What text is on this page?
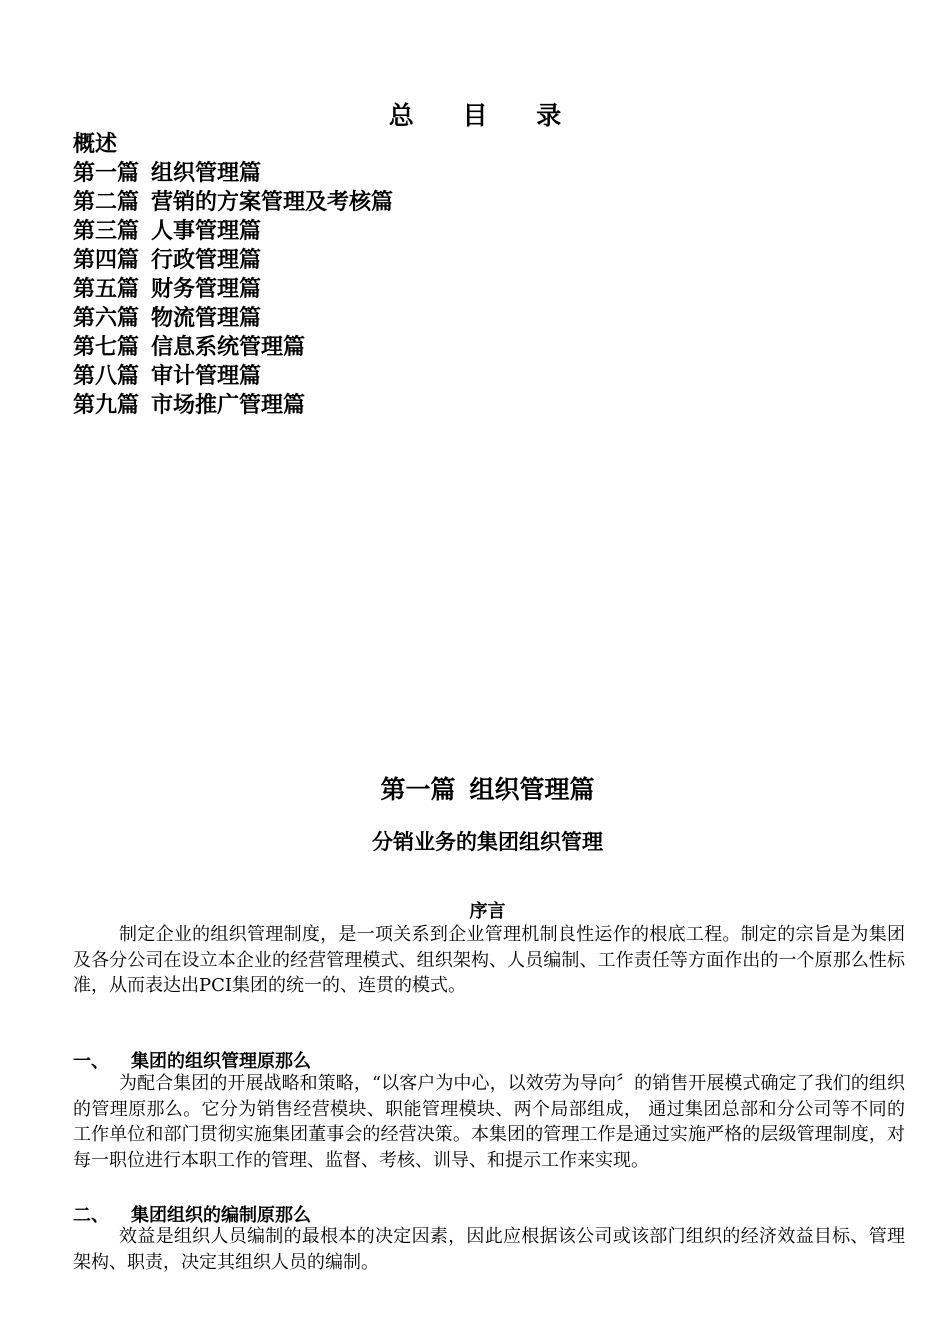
总 目 录
概述
第一篇 组织管理篇
第二篇 营销的方案管理及考核篇
第三篇 人事管理篇
第四篇 行政管理篇
第五篇 财务管理篇
第六篇 物流管理篇
第七篇 信息系统管理篇
第八篇 审计管理篇
第九篇 市场推广管理篇
第一篇 组织管理篇
分销业务的集团组织管理
序言
制定企业的组织管理制度，是一项关系到企业管理机制良性运作的根底工程。制定的宗旨是为集团及各分公司在设立本企业的经营管理模式、组织架构、人员编制、工作责任等方面作出的一个原那么性标准，从而表达出PCI集团的统一的、连贯的模式。
一、 集团的组织管理原那么
为配合集团的开展战略和策略，“以客户为中心，以效劳为导向〞的销售开展模式确定了我们的组织的管理原那么。它分为销售经营模块、职能管理模块、两个局部组成， 通过集团总部和分公司等不同的工作单位和部门贯彻实施集团董事会的经营决策。本集团的管理工作是通过实施严格的层级管理制度，对每一职位进行本职工作的管理、监督、考核、训导、和提示工作来实现。
二、 集团组织的编制原那么
效益是组织人员编制的最根本的决定因素，因此应根据该公司或该部门组织的经济效益目标、管理架构、职责，决定其组织人员的编制。
